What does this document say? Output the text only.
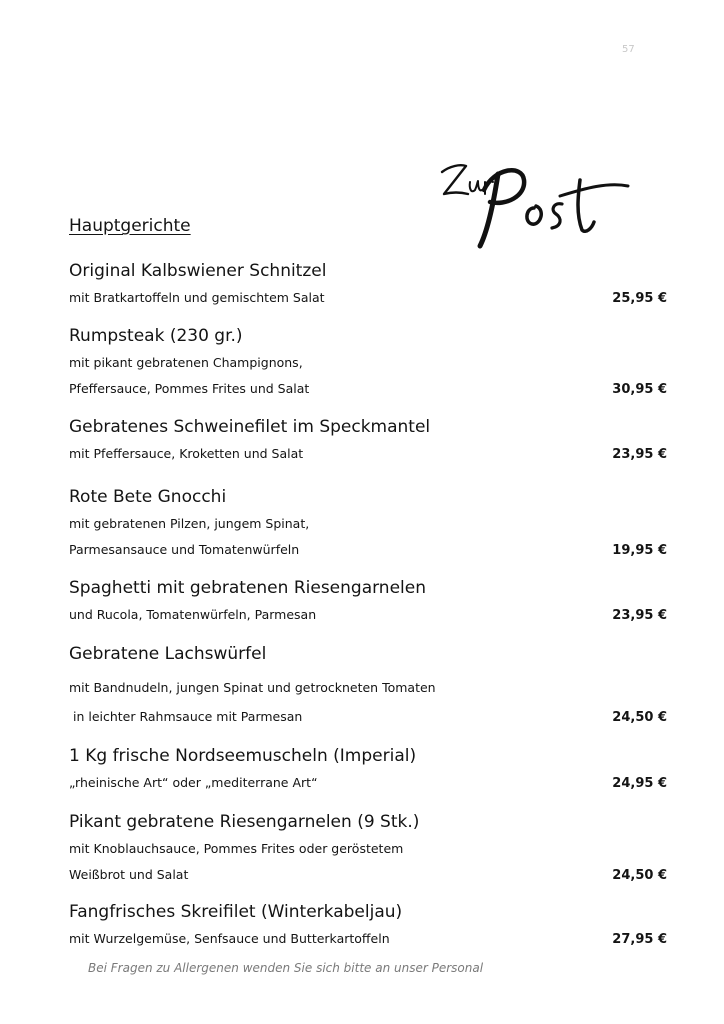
57
Hauptgerichte
Original Kalbswiener Schnitzel
mit Bratkartoffeln und gemischtem Salat	25,95 €
Rumpsteak (230 gr.)
mit pikant gebratenen Champignons,
Pfeffersauce, Pommes Frites und Salat	30,95 €
Gebratenes Schweinefilet im Speckmantel
mit Pfeffersauce, Kroketten und Salat	23,95 €
Rote Bete Gnocchi
mit gebratenen Pilzen, jungem Spinat,
Parmesansauce und Tomatenwürfeln	19,95 €
Spaghetti mit gebratenen Riesengarnelen
und Rucola, Tomatenwürfeln, Parmesan	23,95 €
Gebratene Lachswürfel
mit Bandnudeln, jungen Spinat und getrockneten Tomaten
in leichter Rahmsauce mit Parmesan	24,50 €
1 Kg frische Nordseemuscheln (Imperial)
„rheinische Art“ oder „mediterrane Art“	24,95 €
Pikant gebratene Riesengarnelen (9 Stk.)
mit Knoblauchsauce, Pommes Frites oder geröstetem
Weißbrot und Salat	24,50 €
Fangfrisches Skreifilet (Winterkabeljau)
mit Wurzelgemüse, Senfsauce und Butterkartoffeln	27,95 €
Bei Fragen zu Allergenen wenden Sie sich bitte an unser Personal
